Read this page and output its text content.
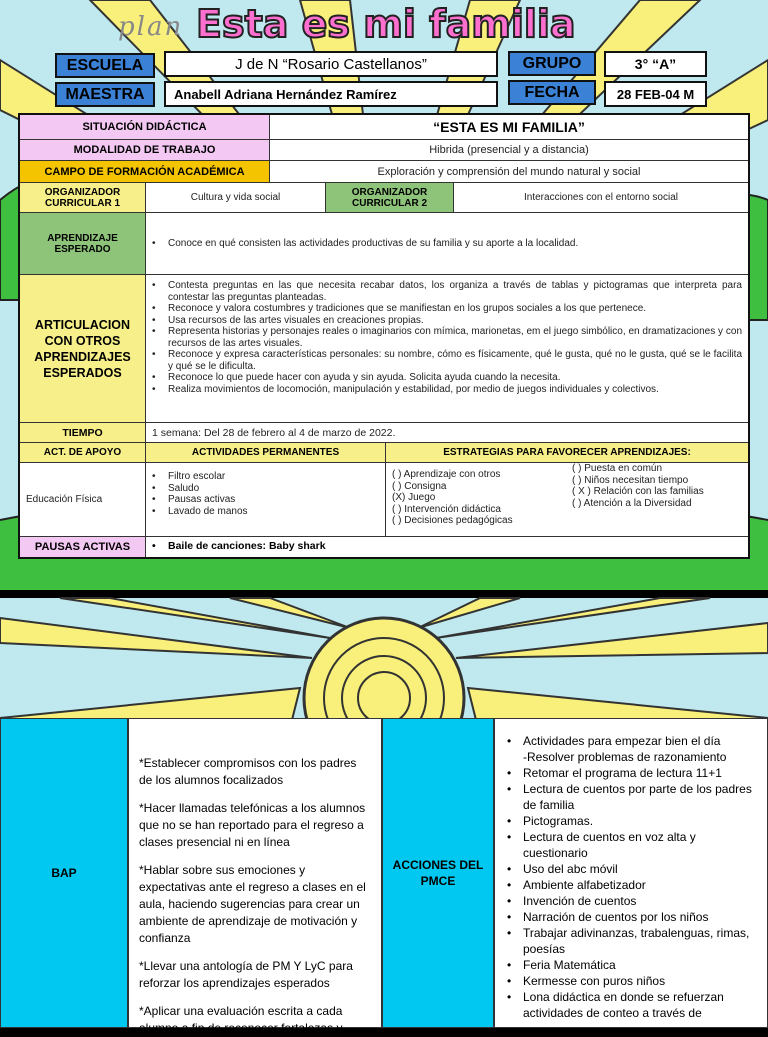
plan Esta es mi familia
ESCUELA	J de N “Rosario Castellanos”	GRUPO	3° “A”
MAESTRA	Anabell Adriana Hernández Ramírez	FECHA	28 FEB-04 M
SITUACIÓN DIDÁCTICA	“ESTA ES MI FAMILIA”
MODALIDAD DE TRABAJO	Hibrida (presencial y a distancia)
CAMPO DE FORMACIÓN ACADÉMICA	Exploración y comprensión del mundo natural y social
ORGANIZADOR CURRICULAR 1	Cultura y vida social	ORGANIZADOR CURRICULAR 2	Interacciones con el entorno social
APRENDIZAJE ESPERADO
• Conoce en qué consisten las actividades productivas de su familia y su aporte a la localidad.
ARTICULACION CON OTROS APRENDIZAJES ESPERADOS
• Contesta preguntas en las que necesita recabar datos, los organiza a través de tablas y pictogramas que interpreta para contestar las preguntas planteadas.
• Reconoce y valora costumbres y tradiciones que se manifiestan en los grupos sociales a los que pertenece.
• Usa recursos de las artes visuales en creaciones propias.
• Representa historias y personajes reales o imaginarios con mímica, marionetas, em el juego simbólico, en dramatizaciones y con recursos de las artes visuales.
• Reconoce y expresa características personales: su nombre, cómo es físicamente, qué le gusta, qué no le gusta, qué se le facilita y qué se le dificulta.
• Reconoce lo que puede hacer con ayuda y sin ayuda. Solicita ayuda cuando la necesita.
• Realiza movimientos de locomoción, manipulación y estabilidad, por medio de juegos individuales y colectivos.
TIEMPO	1 semana: Del 28 de febrero al 4 de marzo de 2022.
ACT. DE APOYO	ACTIVIDADES PERMANENTES	ESTRATEGIAS PARA FAVORECER APRENDIZAJES:
Educación Física
• Filtro escolar
• Saludo
• Pausas activas
• Lavado de manos
( ) Aprendizaje con otros
( ) Consigna
(X) Juego
( ) Intervención didáctica
( ) Decisiones pedagógicas
( ) Puesta en común
( ) Niños necesitan tiempo
( X ) Relación con las familias
( ) Atención a la Diversidad
PAUSAS ACTIVAS
•	Baile de canciones: Baby shark
BAP

*Establecer compromisos con los padres de los alumnos focalizados

*Hacer llamadas telefónicas a los alumnos que no se han reportado para el regreso a clases presencial ni en línea

*Hablar sobre sus emociones y expectativas ante el regreso a clases en el aula, haciendo sugerencias para crear un ambiente de aprendizaje de motivación y confianza

*Llevar una antología de PM Y LyC para reforzar los aprendizajes esperados

*Aplicar una evaluación escrita a cada alumno a fin de reconocer fortalezas y

ACCIONES DEL PMCE
• Actividades para empezar bien el día
-Resolver problemas de razonamiento
• Retomar el programa de lectura 11+1
• Lectura de cuentos por parte de los padres de familia
• Pictogramas.
• Lectura de cuentos en voz alta y cuestionario
• Uso del abc móvil
• Ambiente alfabetizador
• Invención de cuentos
• Narración de cuentos por los niños
• Trabajar adivinanzas, trabalenguas, rimas, poesías
• Feria Matemática
• Kermesse con puros niños
• Lona didáctica en donde se refuerzan actividades de conteo a través de
